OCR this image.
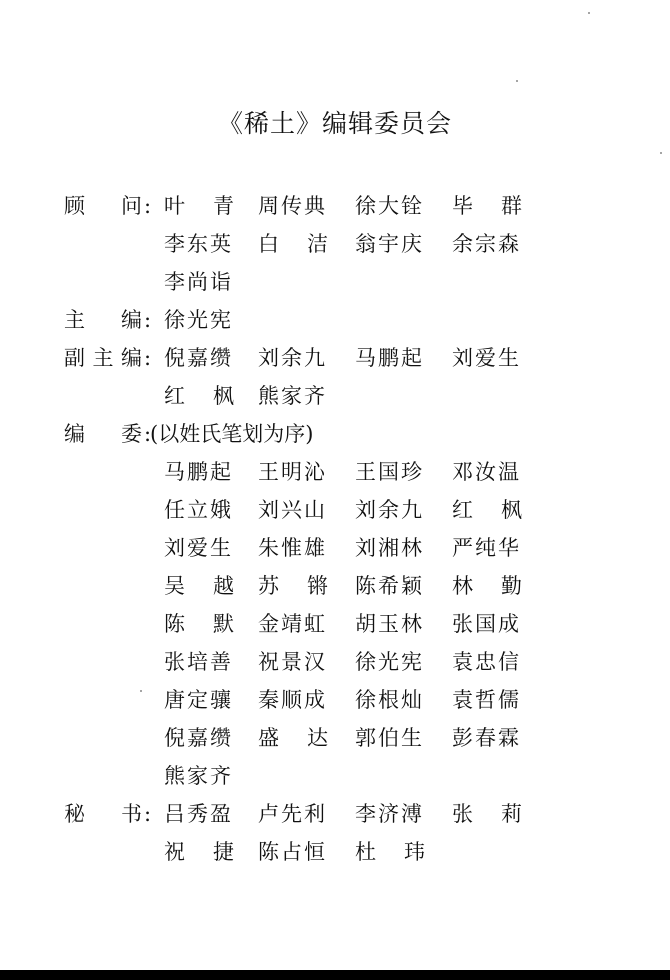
《稀土》编辑委员会
顾 问: 叶 青 周传典 徐大铨 毕 群
李东英 白 洁 翁宇庆 余宗森
李尚诣
主 编: 徐光宪
副主编: 倪嘉缵 刘余九 马鹏起 刘爱生
红 枫 熊家齐
编 委:
(以姓氏笔划为序)
马鹏起 王明沁 王国珍 邓汝温
任立娥 刘兴山 刘余九 红 枫
刘爱生 朱惟雄 刘湘林 严纯华
吴 越 苏 锵 陈希颖 林 勤
陈 默 金靖虹 胡玉林 张国成
张培善 祝景汉 徐光宪 袁忠信
唐定骧 秦顺成 徐根灿 袁哲儒
倪嘉缵 盛 达 郭伯生 彭春霖
熊家齐
秘 书: 吕秀盈 卢先利 李济溥 张 莉
祝 捷 陈占恒 杜 玮
